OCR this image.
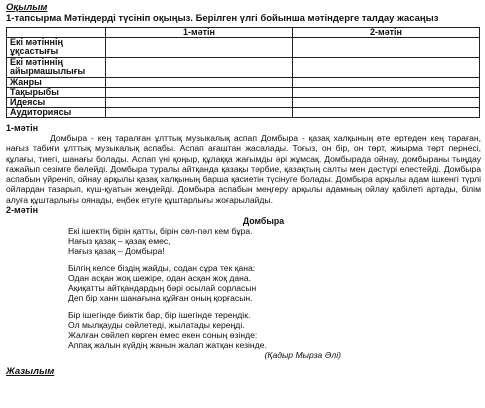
Оқылым
1-тапсырма Мәтіндерді түсініп оқыңыз. Берілген үлгі бойынша мәтіндерге талдау жасаңыз
	1-мәтін	2-мәтін
Екі мәтіннің ұқсастығы		
Екі мәтіннің айырмашылығы		
Жанры		
Тақырыбы		
Идеясы		
Аудиториясы		
1-мәтін

Домбыра - кең таралған ұлттық музыкалық аспап Домбыра - қазақ халқының өте ертеден кең тараған, нағыз табиғи ұлттық музыкалық аспабы. Аспап ағаштан жасалады. Тоғыз, он бір, он төрт, жиырма төрт пернесі, құлағы, тиегі, шанағы болады. Аспап үні қоңыр, құлаққа жағымды әрі жұмсақ. Домбырада ойнау, домбыраны тыңдау ғажайып сезімге бөлейді. Домбыра туралы айтқанда қазақы тәрбие, қазақтың салты мен дәстүрі елестейді. Домбыра аспабын үйреніп, ойнау арқылы қазақ халқының барша қасиетін түсінуге болады. Домбыра арқылы адам ішкенгі түрлі ойлардан тазарып, күш-қуатын жеңдейді. Домбыра аспабын меңгеру арқылы адамның ойлау қабілеті артады, білім алуға құштарлығы оянады, еңбек етуге құштарлығы жоғарылайды.

2-мәтін
Домбыра
Екі ішектің бірін қатты, бірін сөл-пәл кем бұра.
Нағыз қазақ – қазақ емес,
Нағыз қазақ – Домбыра!
Білгің келсе біздің жайды, содан сұра тек қана:
Одан асқан жоқ шежіре, одан асқан жоқ дана.
Ақиқатты айтқандардың бәрі осылай сорласын
Деп бір ханн шанағына құйған оның қорғасын.
Бір ішегінде биіктік бар, бір ішегінде терендік.
Ол мылқауды сөйлетеді, жылатады кереңді.
Жалған сөйлеп көрген емес екен соның өзінде:
Аппақ жалын күйдің жанын жалап жатқан кезінде.
(Қадыр Мырза Әлі)
Жазылым
